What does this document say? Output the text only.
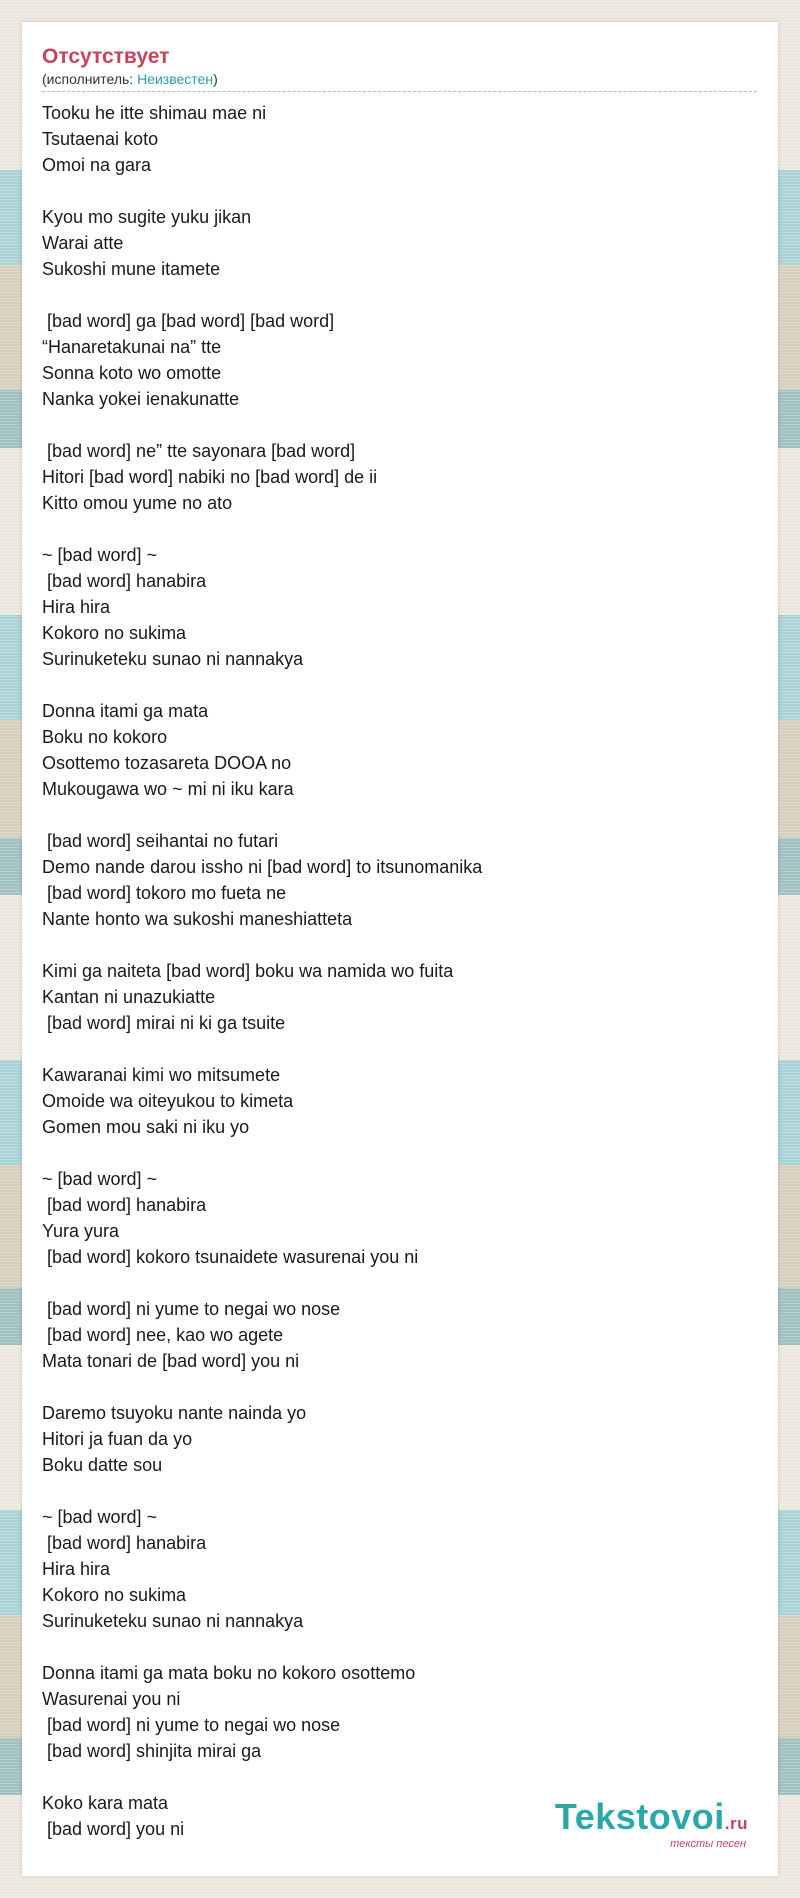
Отсутствует
(исполнитель: Неизвестен)
Tooku he itte shimau mae ni
Tsutaenai koto
Omoi na gara
Kyou mo sugite yuku jikan
Warai atte
Sukoshi mune itamete
[bad word] ga [bad word] [bad word]
“Hanaretakunai na” tte
Sonna koto wo omotte
Nanka yokei ienakunatte
[bad word] ne” tte sayonara [bad word]
Hitori [bad word] nabiki no [bad word] de ii
Kitto omou yume no ato
~ [bad word] ~
[bad word] hanabira
Hira hira
Kokoro no sukima
Surinuketeku sunao ni nannakya
Donna itami ga mata
Boku no kokoro
Osottemo tozasareta DOOA no
Mukougawa wo ~ mi ni iku kara
[bad word] seihantai no futari
Demo nande darou issho ni [bad word] to itsunomanika
[bad word] tokoro mo fueta ne
Nante honto wa sukoshi maneshiatteta
Kimi ga naiteta [bad word] boku wa namida wo fuita
Kantan ni unazukiatte
[bad word] mirai ni ki ga tsuite
Kawaranai kimi wo mitsumete
Omoide wa oiteyukou to kimeta
Gomen mou saki ni iku yo
~ [bad word] ~
[bad word] hanabira
Yura yura
[bad word] kokoro tsunaidete wasurenai you ni
[bad word] ni yume to negai wo nose
[bad word] nee, kao wo agete
Mata tonari de [bad word] you ni
Daremo tsuyoku nante nainda yo
Hitori ja fuan da yo
Boku datte sou
~ [bad word] ~
[bad word] hanabira
Hira hira
Kokoro no sukima
Surinuketeku sunao ni nannakya
Donna itami ga mata boku no kokoro osottemo
Wasurenai you ni
[bad word] ni yume to negai wo nose
[bad word] shinjita mirai ga
Koko kara mata
[bad word] you ni	Tekstovoi.ru
тексты песен
